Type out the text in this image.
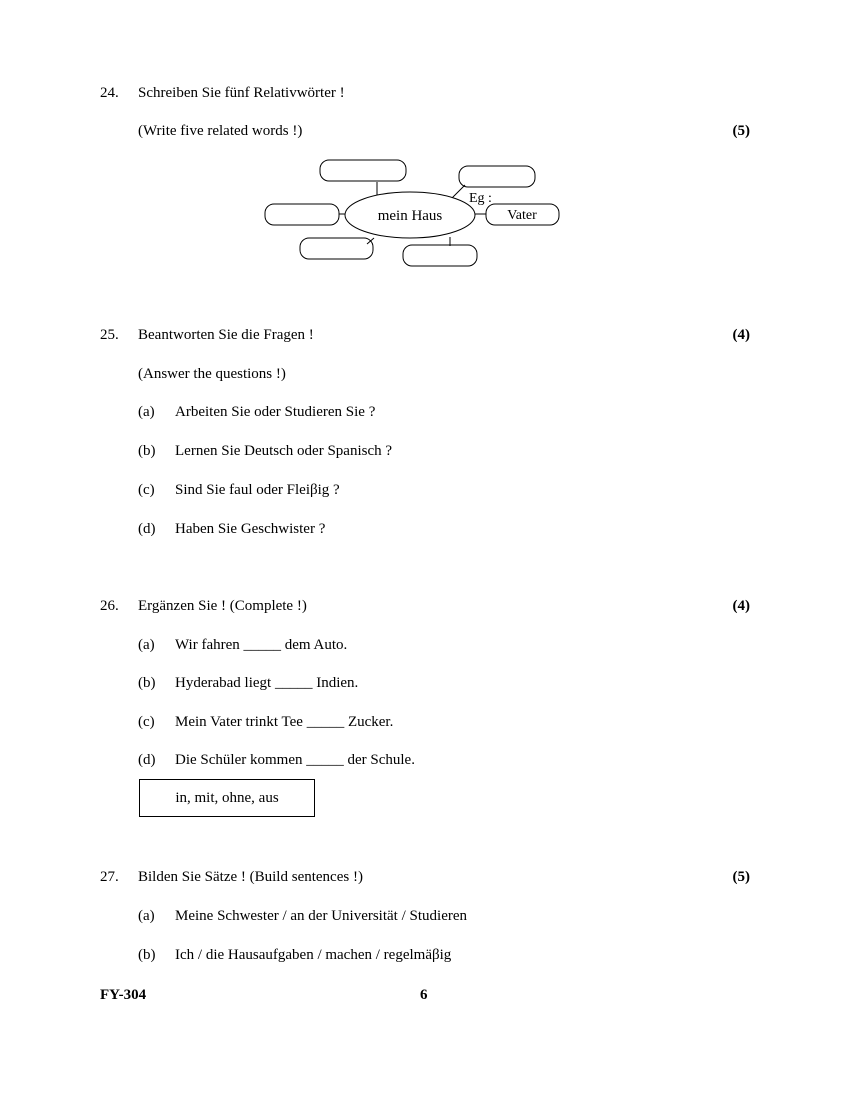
24. Schreiben Sie fünf Relativwörter !
(Write five related words !)	(5)
Vater
Eg :
mein Haus
25. Beantworten Sie die Fragen !	(4)
(Answer the questions !)
(a) Arbeiten Sie oder Studieren Sie ?
(b) Lernen Sie Deutsch oder Spanisch ?
(c) Sind Sie faul oder Fleiβig ?
(d) Haben Sie Geschwister ?
26. Ergänzen Sie ! (Complete !)	(4)
(a) Wir fahren _____ dem Auto.
(b) Hyderabad liegt _____ Indien.
(c) Mein Vater trinkt Tee _____ Zucker.
(d) Die Schüler kommen _____ der Schule.
in, mit, ohne, aus
27. Bilden Sie Sätze ! (Build sentences !)	(5)
(a) Meine Schwester / an der Universität / Studieren
(b) Ich / die Hausaufgaben / machen / regelmäβig
FY-304	6
